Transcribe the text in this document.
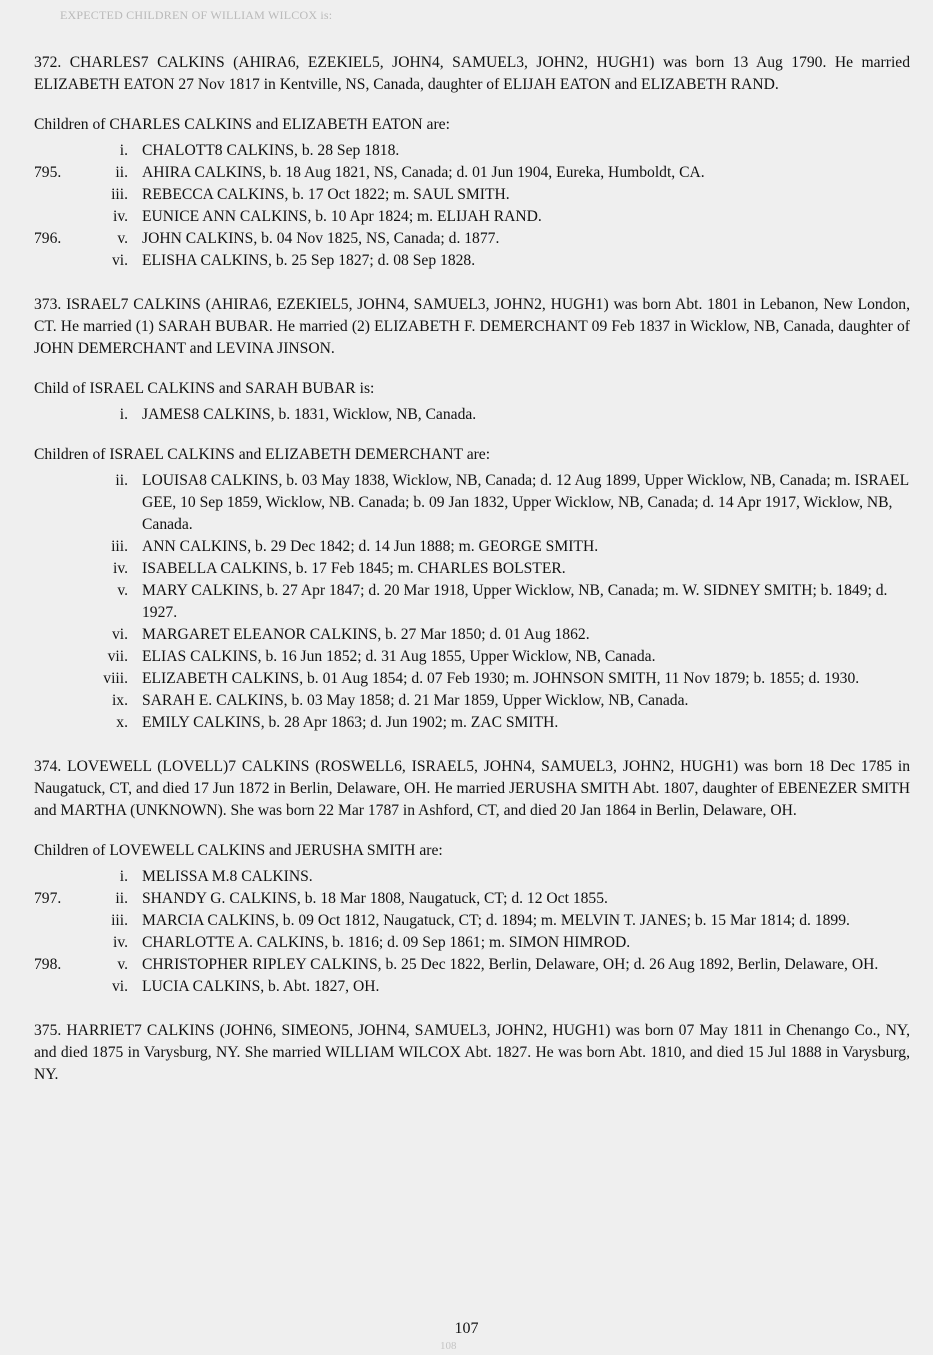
EXPECTED CHILDREN OF WILLIAM WILCOX is:

372. CHARLES7 CALKINS (AHIRA6, EZEKIEL5, JOHN4, SAMUEL3, JOHN2, HUGH1) was born 13 Aug 1790. He married ELIZABETH EATON 27 Nov 1817 in Kentville, NS, Canada, daughter of ELIJAH EATON and ELIZABETH RAND.

Children of CHARLES CALKINS and ELIZABETH EATON are:
i. CHALOTT8 CALKINS, b. 28 Sep 1818.
795.	ii. AHIRA CALKINS, b. 18 Aug 1821, NS, Canada; d. 01 Jun 1904, Eureka, Humboldt, CA.
iii. REBECCA CALKINS, b. 17 Oct 1822; m. SAUL SMITH.
iv. EUNICE ANN CALKINS, b. 10 Apr 1824; m. ELIJAH RAND.
796.	v. JOHN CALKINS, b. 04 Nov 1825, NS, Canada; d. 1877.
vi. ELISHA CALKINS, b. 25 Sep 1827; d. 08 Sep 1828.

373. ISRAEL7 CALKINS (AHIRA6, EZEKIEL5, JOHN4, SAMUEL3, JOHN2, HUGH1) was born Abt. 1801 in Lebanon, New London, CT. He married (1) SARAH BUBAR. He married (2) ELIZABETH F. DEMERCHANT 09 Feb 1837 in Wicklow, NB, Canada, daughter of JOHN DEMERCHANT and LEVINA JINSON.

Child of ISRAEL CALKINS and SARAH BUBAR is:
i. JAMES8 CALKINS, b. 1831, Wicklow, NB, Canada.
Children of ISRAEL CALKINS and ELIZABETH DEMERCHANT are:
ii. LOUISA8 CALKINS, b. 03 May 1838, Wicklow, NB, Canada; d. 12 Aug 1899, Upper Wicklow, NB, Canada; m. ISRAEL GEE, 10 Sep 1859, Wicklow, NB. Canada; b. 09 Jan 1832, Upper Wicklow, NB, Canada; d. 14 Apr 1917, Wicklow, NB, Canada.
iii. ANN CALKINS, b. 29 Dec 1842; d. 14 Jun 1888; m. GEORGE SMITH.
iv. ISABELLA CALKINS, b. 17 Feb 1845; m. CHARLES BOLSTER.
v. MARY CALKINS, b. 27 Apr 1847; d. 20 Mar 1918, Upper Wicklow, NB, Canada; m. W. SIDNEY SMITH; b. 1849; d. 1927.
vi. MARGARET ELEANOR CALKINS, b. 27 Mar 1850; d. 01 Aug 1862.
vii. ELIAS CALKINS, b. 16 Jun 1852; d. 31 Aug 1855, Upper Wicklow, NB, Canada.
viii. ELIZABETH CALKINS, b. 01 Aug 1854; d. 07 Feb 1930; m. JOHNSON SMITH, 11 Nov 1879; b. 1855; d. 1930.
ix. SARAH E. CALKINS, b. 03 May 1858; d. 21 Mar 1859, Upper Wicklow, NB, Canada.
x. EMILY CALKINS, b. 28 Apr 1863; d. Jun 1902; m. ZAC SMITH.

374. LOVEWELL (LOVELL)7 CALKINS (ROSWELL6, ISRAEL5, JOHN4, SAMUEL3, JOHN2, HUGH1) was born 18 Dec 1785 in Naugatuck, CT, and died 17 Jun 1872 in Berlin, Delaware, OH. He married JERUSHA SMITH Abt. 1807, daughter of EBENEZER SMITH and MARTHA (UNKNOWN). She was born 22 Mar 1787 in Ashford, CT, and died 20 Jan 1864 in Berlin, Delaware, OH.

Children of LOVEWELL CALKINS and JERUSHA SMITH are:
i. MELISSA M.8 CALKINS.
797.	ii. SHANDY G. CALKINS, b. 18 Mar 1808, Naugatuck, CT; d. 12 Oct 1855.
iii. MARCIA CALKINS, b. 09 Oct 1812, Naugatuck, CT; d. 1894; m. MELVIN T. JANES; b. 15 Mar 1814; d. 1899.
iv. CHARLOTTE A. CALKINS, b. 1816; d. 09 Sep 1861; m. SIMON HIMROD.
798.	v. CHRISTOPHER RIPLEY CALKINS, b. 25 Dec 1822, Berlin, Delaware, OH; d. 26 Aug 1892, Berlin, Delaware, OH.
vi. LUCIA CALKINS, b. Abt. 1827, OH.

375. HARRIET7 CALKINS (JOHN6, SIMEON5, JOHN4, SAMUEL3, JOHN2, HUGH1) was born 07 May 1811 in Chenango Co., NY, and died 1875 in Varysburg, NY. She married WILLIAM WILCOX Abt. 1827. He was born Abt. 1810, and died 15 Jul 1888 in Varysburg, NY.

107
108
